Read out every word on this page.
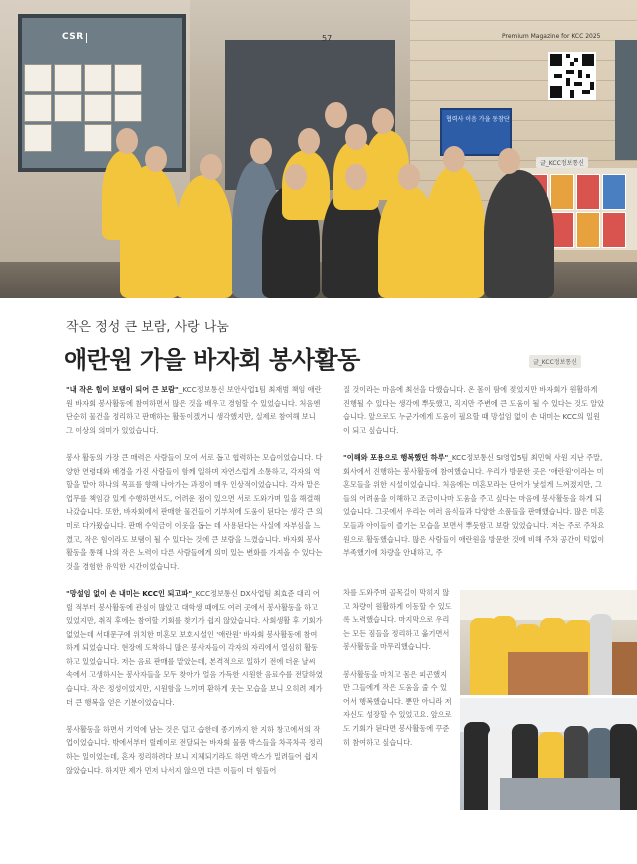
협력사 이음 가을 동참단
CSR	57	Premium Magazine for KCC 2025
글_KCC정보통신
작은 정성 큰 보람, 사랑 나눔
애란원 가을 바자회 봉사활동	글_KCC정보통신

"내 작은 힘이 보탬이 되어 큰 보람"_KCC정보통신 보안사업1팀 최재범 책임 애란원 바자회 봉사활동에 참여하면서 많은 것을 배우고 경험할 수 있었습니다. 처음엔 단순히 물건을 정리하고 판매하는 활동이겠거니 생각했지만, 실제로 참여해 보니 그 이상의 의미가 있었습니다.

봉사 활동의 가장 큰 매력은 사람들이 모여 서로 돕고 협력하는 모습이었습니다. 다양한 연령대와 배경을 가진 사람들이 함께 일하며 자연스럽게 소통하고, 각자의 역할을 맡아 하나의 목표를 향해 나아가는 과정이 매우 인상적이었습니다. 각자 맡은 업무를 책임감 있게 수행하면서도, 어려운 점이 있으면 서로 도와가며 일을 해결해 나갔습니다. 또한, 바자회에서 판매한 물건들이 기부처에 도움이 된다는 생각 큰 의미로 다가왔습니다. 판매 수익금이 이웃을 돕는 데 사용된다는 사실에 자부심을 느꼈고, 작은 힘이라도 보탬이 될 수 있다는 것에 큰 보람을 느꼈습니다. 바자회 봉사활동을 통해 나의 작은 노력이 다른 사람들에게 의미 있는 변화를 가져올 수 있다는 것을 경험한 유익한 시간이었습니다.

"망설임 없이 손 내미는 KCC인 되고파"_KCC정보통신 DX사업팀 최효준 대리 어릴 적부터 봉사활동에 관심이 많았고 대학생 때에도 여러 곳에서 봉사활동을 하고 있었지만, 취직 후에는 참여할 기회를 찾기가 쉽지 않았습니다. 사회생활 후 기회가 없었는데 서대문구에 위치한 미혼모 보호시설인 '애란원' 바자회 봉사활동에 참여하게 되었습니다. 현장에 도착하니 많은 봉사자들이 각자의 자리에서 열심히 활동하고 있었습니다. 저는 음료 판매를 맡았는데, 본격적으로 일하기 전에 더운 날씨 속에서 고생하시는 봉사자들을 모두 찾아가 얼음 가득한 시원한 음료수를 전달하였습니다. 작은 정성이었지만, 시원함을 느끼며 환하게 웃는 모습을 보니 오히려 제가 더 큰 행복을 얻은 기분이었습니다.

봉사활동을 하면서 기억에 남는 것은 덥고 습한데 종기까지 한 지하 창고에서의 작업이었습니다. 밖에서부터 릴레이로 전달되는 바자회 물품 박스들을 차곡차곡 정리하는 일이었는데, 혼자 정리하려다 보니 지체되기라도 하면 박스가 밀려들어 쉽지 않았습니다. 하지만 제가 먼저 나서지 않으면 다른 이들이 더 힘들어

질 것이라는 마음에 최선을 다했습니다. 온 몸이 땀에 젖었지만 바자회가 원활하게 진행될 수 있다는 생각에 뿌듯했고, 직지만 주변에 큰 도움이 될 수 있다는 것도 알았습니다. 앞으로도 누군가에게 도움이 필요할 때 망설임 없이 손 내미는 KCC의 일원이 되고 싶습니다.

"이해와 포용으로 행복했던 하루"_KCC정보통신 SI영업5팀 최민혁 사원 지난 주말, 회사에서 진행하는 봉사활동에 참여했습니다. 우리가 방문한 곳은 '애란원'이라는 미혼모들을 위한 시설이었습니다. 처음에는 미혼모라는 단어가 낯설게 느껴졌지만, 그들의 어려움을 이해하고 조금이나마 도움을 주고 싶다는 마음에 봉사활동을 하게 되었습니다. 그곳에서 우리는 여러 음식들과 다양한 소품들을 판매했습니다. 많은 미혼모들과 아이들이 즐기는 모습을 보면서 뿌듯함고 보람 있었습니다. 저는 주로 주차요원으로 활동했습니다. 많은 사람들이 애란원을 방문한 것에 비해 주차 공간이 턱없이 부족했기에 차량을 안내하고, 주

차를 도와주며 골목길이 막히지 않고 차량이 원활하게 이동할 수 있도록 노력했습니다. 마지막으로 우리는 모든 짐들을 정리하고 옮기면서 봉사활동을 마무리했습니다.

봉사활동을 마치고 몸은 피곤했지만 그들에게 작은 도움을 줄 수 있어서 행복했습니다. 뿐만 아니라 저 자신도 성장할 수 있었고요. 앞으로도 기회가 된다면 봉사활동에 꾸준히 참여하고 싶습니다.
